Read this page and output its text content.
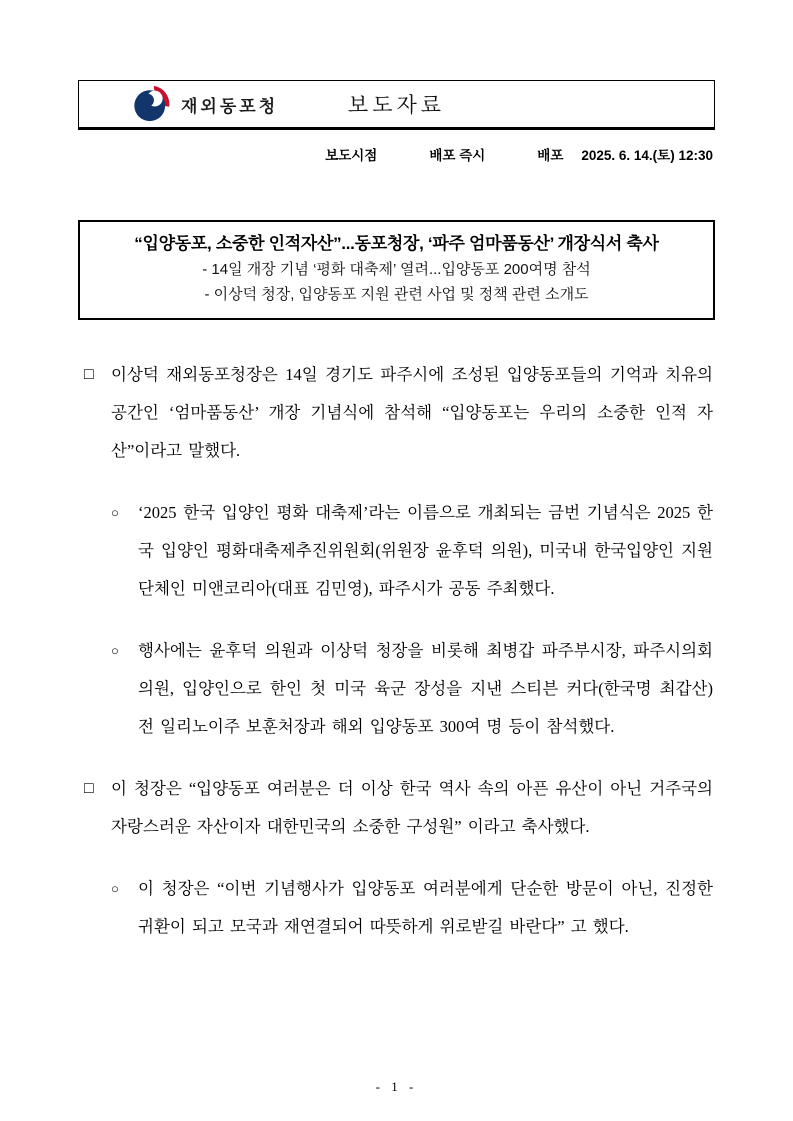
재외동포청	보도자료
보도시점	배포 즉시	배포 2025. 6. 14.(토) 12:30
“입양동포, 소중한 인적자산”...동포청장, ‘파주 엄마품동산’ 개장식서 축사
- 14일 개장 기념 ‘평화 대축제’ 열려...입양동포 200여명 참석
- 이상덕 청장, 입양동포 지원 관련 사업 및 정책 관련 소개도
□	이상덕 재외동포청장은 14일 경기도 파주시에 조성된 입양동포들의 기억과 치유의 공간인 ‘엄마품동산’ 개장 기념식에 참석해 “입양동포는 우리의 소중한 인적 자산”이라고 말했다.
○	‘2025 한국 입양인 평화 대축제’라는 이름으로 개최되는 금번 기념식은 2025 한국 입양인 평화대축제추진위원회(위원장 윤후덕 의원), 미국내 한국입양인 지원단체인 미앤코리아(대표 김민영), 파주시가 공동 주최했다.
○	행사에는 윤후덕 의원과 이상덕 청장을 비롯해 최병갑 파주부시장, 파주시의회 의원, 입양인으로 한인 첫 미국 육군 장성을 지낸 스티븐 커다(한국명 최갑산) 전 일리노이주 보훈처장과 해외 입양동포 300여 명 등이 참석했다.
□	이 청장은 “입양동포 여러분은 더 이상 한국 역사 속의 아픈 유산이 아닌 거주국의 자랑스러운 자산이자 대한민국의 소중한 구성원” 이라고 축사했다.
○	이 청장은 “이번 기념행사가 입양동포 여러분에게 단순한 방문이 아닌, 진정한 귀환이 되고 모국과 재연결되어 따뜻하게 위로받길 바란다” 고 했다.
- 1 -
